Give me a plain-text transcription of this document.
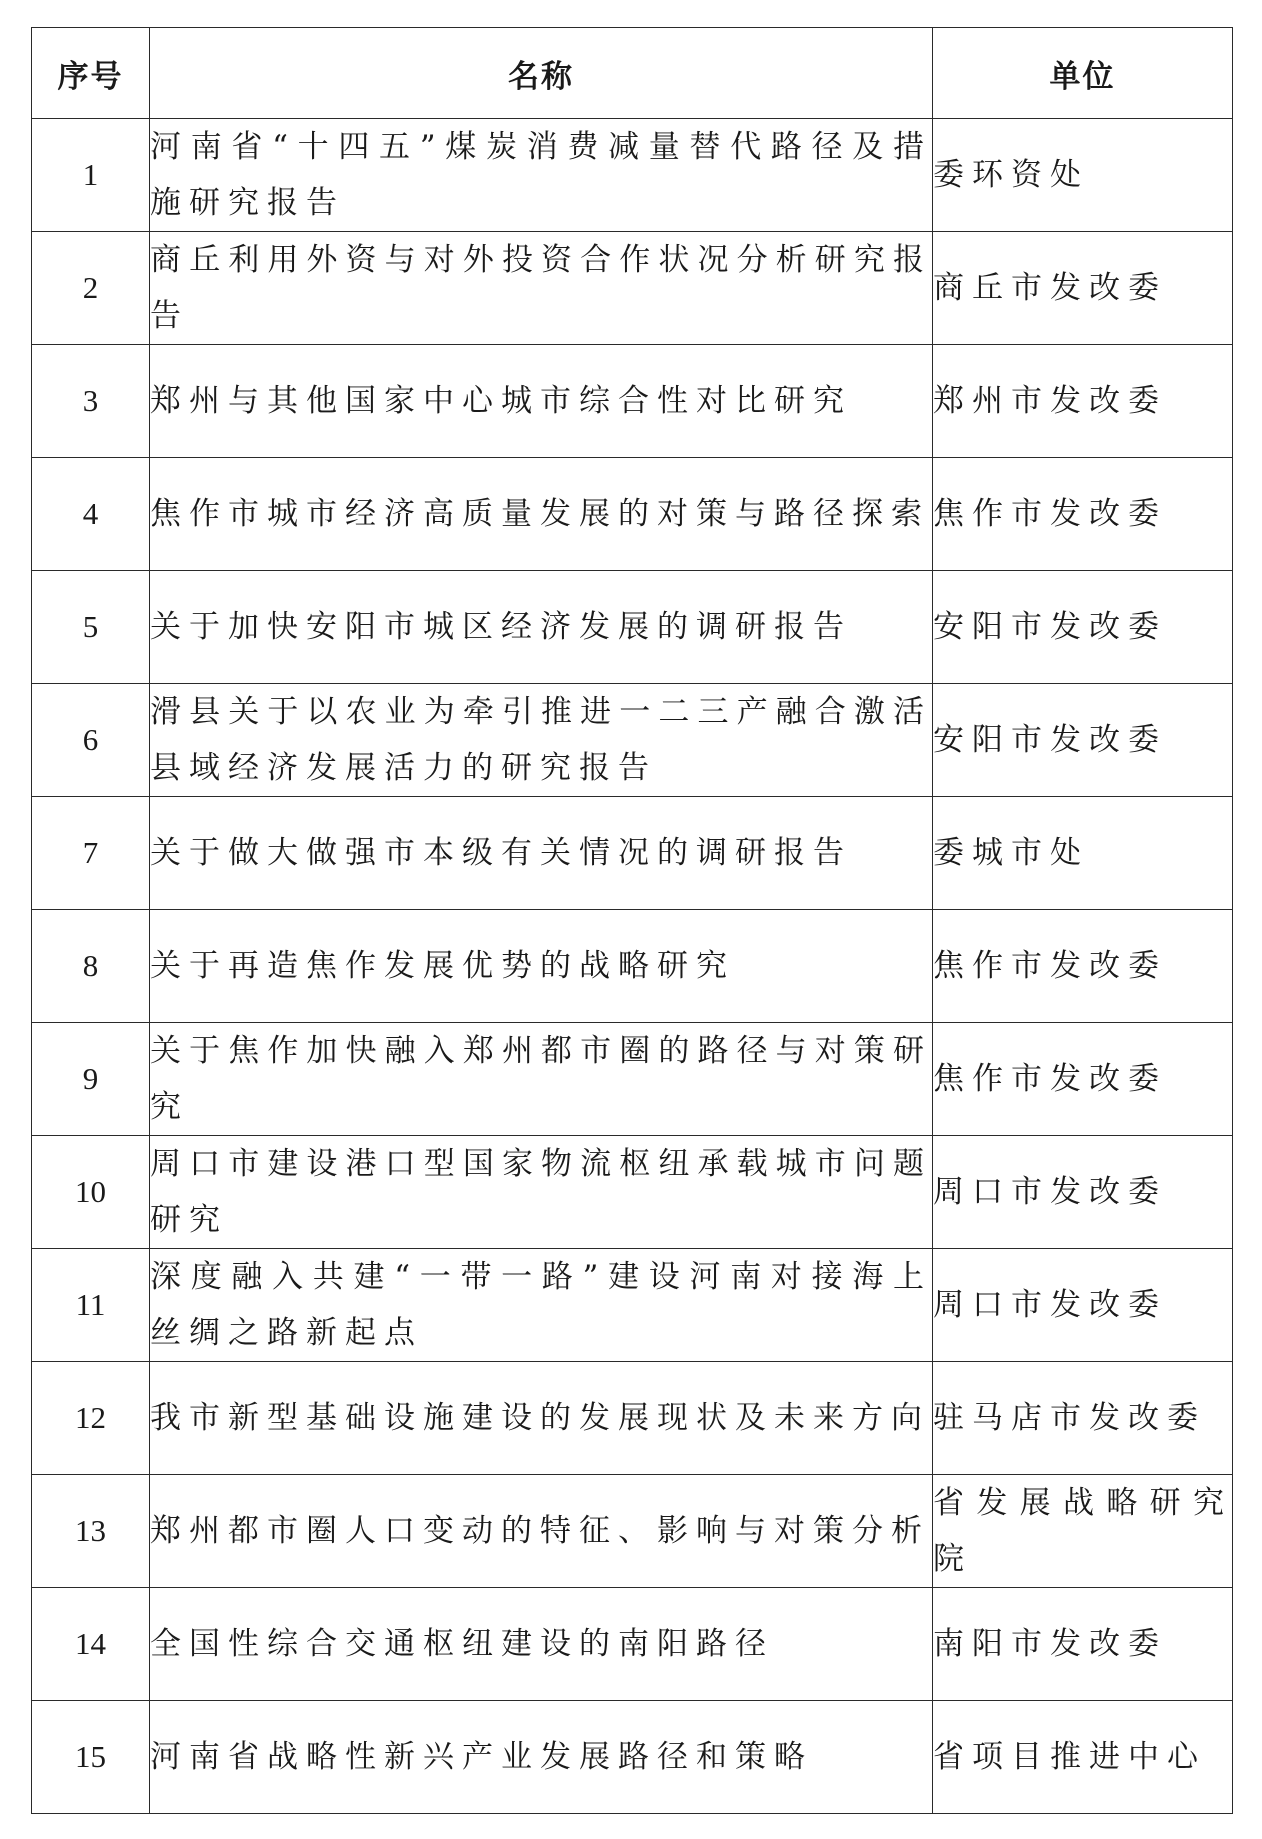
序号	名称	单位
1	河南省“十四五”煤炭消费减量替代路径及措施研究报告	委环资处
2	商丘利用外资与对外投资合作状况分析研究报告	商丘市发改委
3	郑州与其他国家中心城市综合性对比研究	郑州市发改委
4	焦作市城市经济高质量发展的对策与路径探索	焦作市发改委
5	关于加快安阳市城区经济发展的调研报告	安阳市发改委
6	滑县关于以农业为牵引推进一二三产融合激活县域经济发展活力的研究报告	安阳市发改委
7	关于做大做强市本级有关情况的调研报告	委城市处
8	关于再造焦作发展优势的战略研究	焦作市发改委
9	关于焦作加快融入郑州都市圈的路径与对策研究	焦作市发改委
10	周口市建设港口型国家物流枢纽承载城市问题研究	周口市发改委
11	深度融入共建“一带一路”建设河南对接海上丝绸之路新起点	周口市发改委
12	我市新型基础设施建设的发展现状及未来方向	驻马店市发改委
13	郑州都市圈人口变动的特征、影响与对策分析	省发展战略研究院
14	全国性综合交通枢纽建设的南阳路径	南阳市发改委
15	河南省战略性新兴产业发展路径和策略	省项目推进中心
